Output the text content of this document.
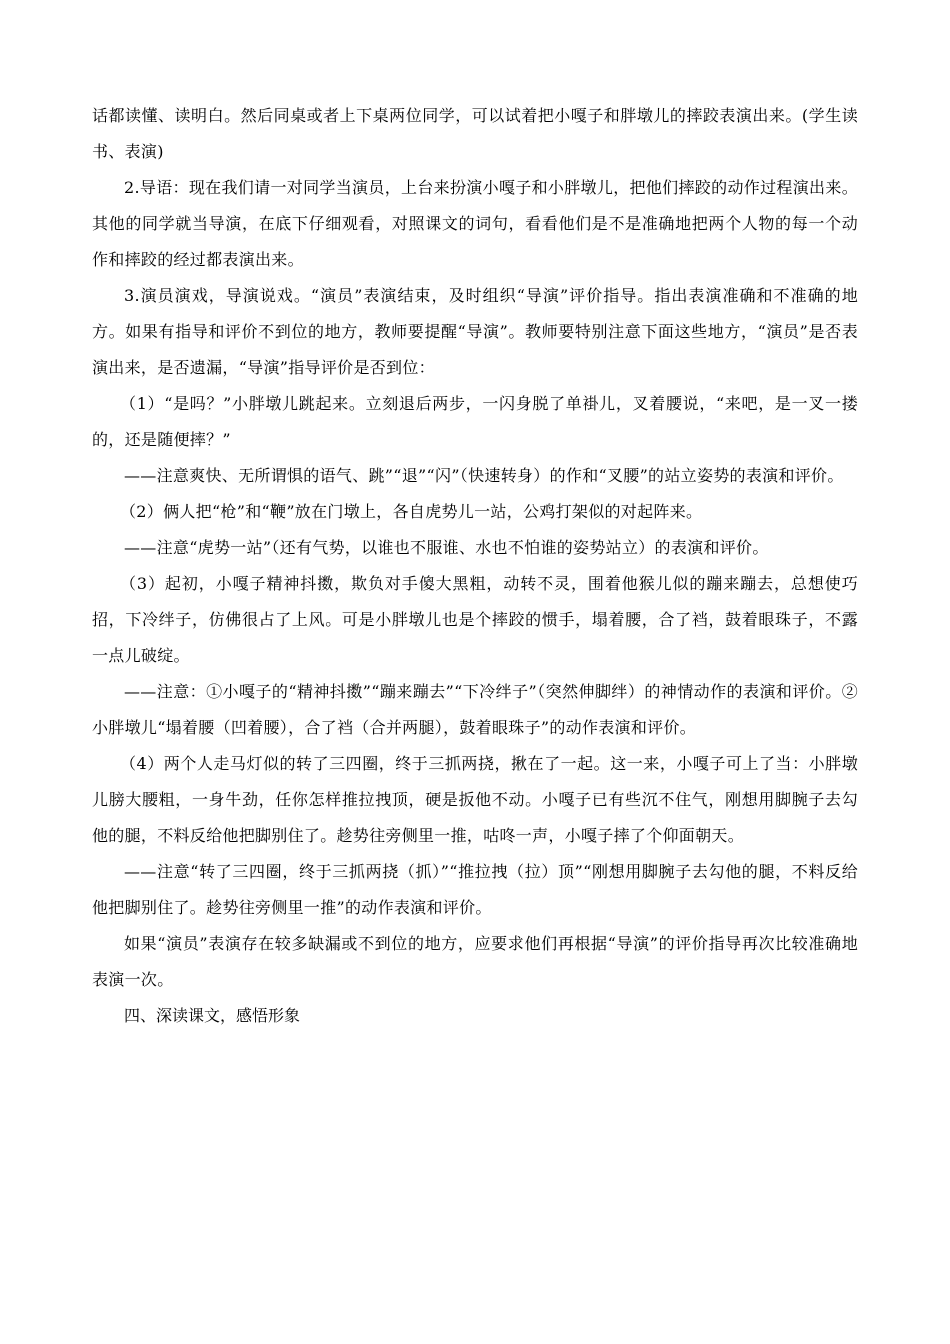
话都读懂、读明白。然后同桌或者上下桌两位同学，可以试着把小嘎子和胖墩儿的摔跤表演出来。(学生读书、表演)

2.导语：现在我们请一对同学当演员，上台来扮演小嘎子和小胖墩儿，把他们摔跤的动作过程演出来。其他的同学就当导演，在底下仔细观看，对照课文的词句，看看他们是不是准确地把两个人物的每一个动作和摔跤的经过都表演出来。

3.演员演戏，导演说戏。“演员”表演结束，及时组织“导演”评价指导。指出表演准确和不准确的地方。如果有指导和评价不到位的地方，教师要提醒“导演”。教师要特别注意下面这些地方，“演员”是否表演出来，是否遗漏，“导演”指导评价是否到位：

（1）“是吗？”小胖墩儿跳起来。立刻退后两步，一闪身脱了单褂儿，叉着腰说，“来吧，是一叉一搂的，还是随便摔？”

——注意爽快、无所谓惧的语气、跳”“退”“闪”（快速转身）的作和“叉腰”的站立姿势的表演和评价。

（2）俩人把“枪”和“鞭”放在门墩上，各自虎势儿一站，公鸡打架似的对起阵来。

——注意“虎势一站”（还有气势，以谁也不服谁、水也不怕谁的姿势站立）的表演和评价。

（3）起初，小嘎子精神抖擞，欺负对手傻大黑粗，动转不灵，围着他猴儿似的蹦来蹦去，总想使巧招，下冷绊子，仿佛很占了上风。可是小胖墩儿也是个摔跤的惯手，塌着腰，合了裆，鼓着眼珠子，不露一点儿破绽。

——注意：①小嘎子的“精神抖擞”“蹦来蹦去”“下冷绊子”（突然伸脚绊）的神情动作的表演和评价。②小胖墩儿“塌着腰（凹着腰），合了裆（合并两腿），鼓着眼珠子”的动作表演和评价。

（4）两个人走马灯似的转了三四圈，终于三抓两挠，揪在了一起。这一来，小嘎子可上了当：小胖墩儿膀大腰粗，一身牛劲，任你怎样推拉拽顶，硬是扳他不动。小嘎子已有些沉不住气，刚想用脚腕子去勾他的腿，不料反给他把脚别住了。趁势往旁侧里一推，咕咚一声，小嘎子摔了个仰面朝天。

——注意“转了三四圈，终于三抓两挠（抓）”“推拉拽（拉）顶”“刚想用脚腕子去勾他的腿，不料反给他把脚别住了。趁势往旁侧里一推”的动作表演和评价。

如果“演员”表演存在较多缺漏或不到位的地方，应要求他们再根据“导演”的评价指导再次比较准确地表演一次。

四、深读课文，感悟形象
